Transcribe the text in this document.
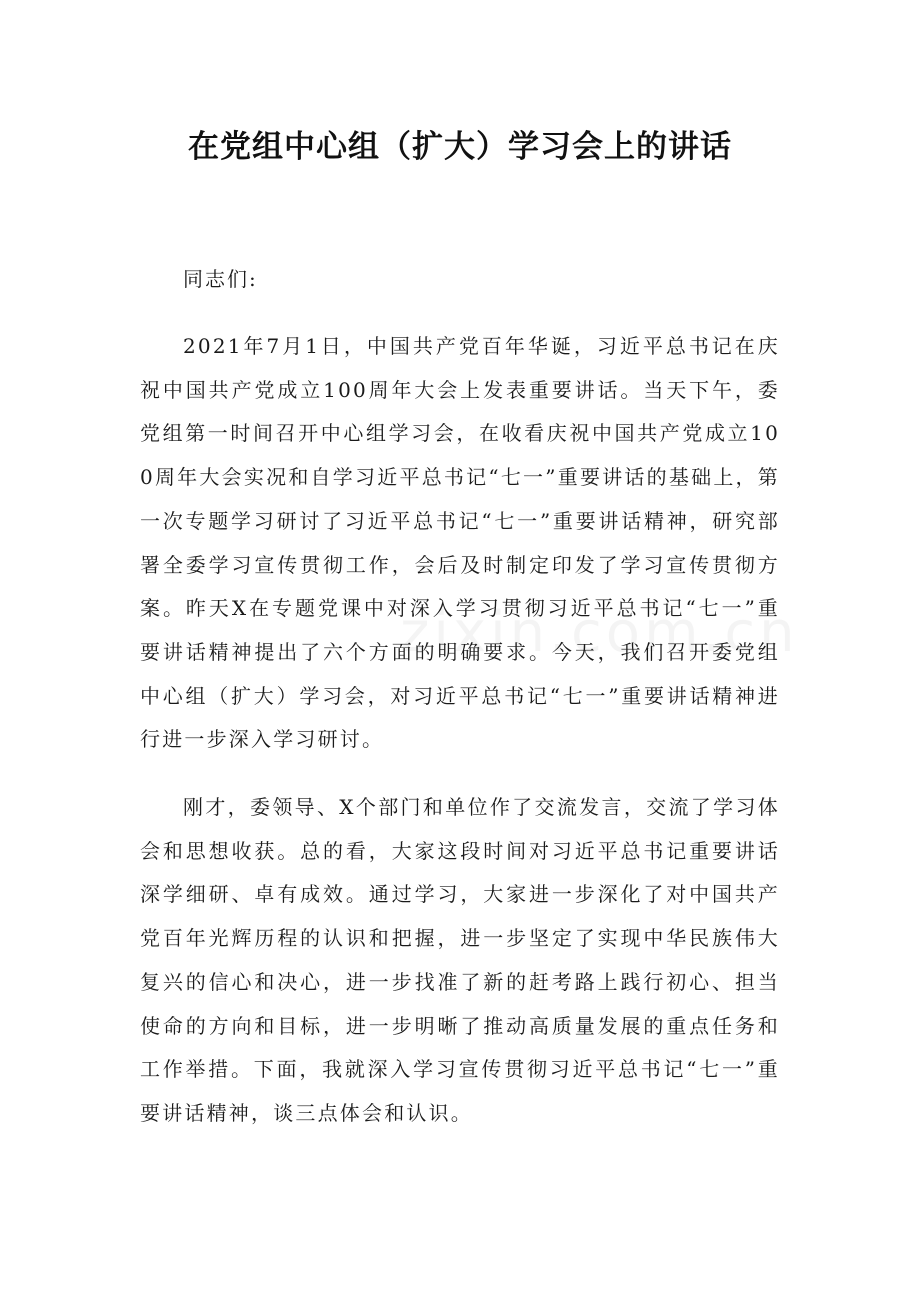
在党组中心组（扩大）学习会上的讲话

同志们:

2021年7月1日，中国共产党百年华诞，习近平总书记在庆祝中国共产党成立100周年大会上发表重要讲话。当天下午，委党组第一时间召开中心组学习会，在收看庆祝中国共产党成立100周年大会实况和自学习近平总书记“七一”重要讲话的基础上，第一次专题学习研讨了习近平总书记“七一”重要讲话精神，研究部署全委学习宣传贯彻工作，会后及时制定印发了学习宣传贯彻方案。昨天X在专题党课中对深入学习贯彻习近平总书记“七一”重要讲话精神提出了六个方面的明确要求。今天，我们召开委党组中心组（扩大）学习会，对习近平总书记“七一”重要讲话精神进行进一步深入学习研讨。

刚才，委领导、X个部门和单位作了交流发言，交流了学习体会和思想收获。总的看，大家这段时间对习近平总书记重要讲话深学细研、卓有成效。通过学习，大家进一步深化了对中国共产党百年光辉历程的认识和把握，进一步坚定了实现中华民族伟大复兴的信心和决心，进一步找准了新的赶考路上践行初心、担当使命的方向和目标，进一步明晰了推动高质量发展的重点任务和工作举措。下面，我就深入学习宣传贯彻习近平总书记“七一”重要讲话精神，谈三点体会和认识。
